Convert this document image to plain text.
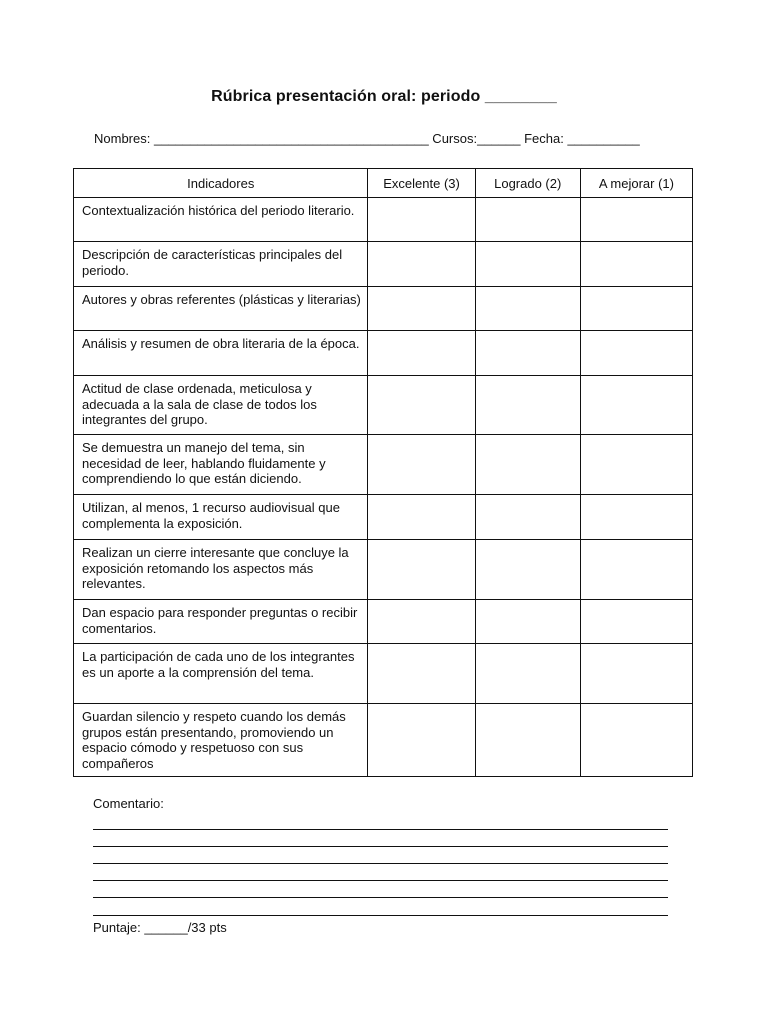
Rúbrica presentación oral: periodo ________
Nombres: ______________________________________ Cursos:______ Fecha: __________
Indicadores	Excelente (3)	Logrado (2)	A mejorar (1)
Contextualización histórica del periodo literario.			
Descripción de características principales del periodo.			
Autores y obras referentes (plásticas y literarias)			
Análisis y resumen de obra literaria de la época.			
Actitud de clase ordenada, meticulosa y adecuada a la sala de clase de todos los integrantes del grupo.			
Se demuestra un manejo del tema, sin necesidad de leer, hablando fluidamente y comprendiendo lo que están diciendo.			
Utilizan, al menos, 1 recurso audiovisual que complementa la exposición.			
Realizan un cierre interesante que concluye la exposición retomando los aspectos más relevantes.			
Dan espacio para responder preguntas o recibir comentarios.			
La participación de cada uno de los integrantes es un aporte a la comprensión del tema.			
Guardan silencio y respeto cuando los demás grupos están presentando, promoviendo un espacio cómodo y respetuoso con sus compañeros			
Comentario:
Puntaje: ______/33 pts
